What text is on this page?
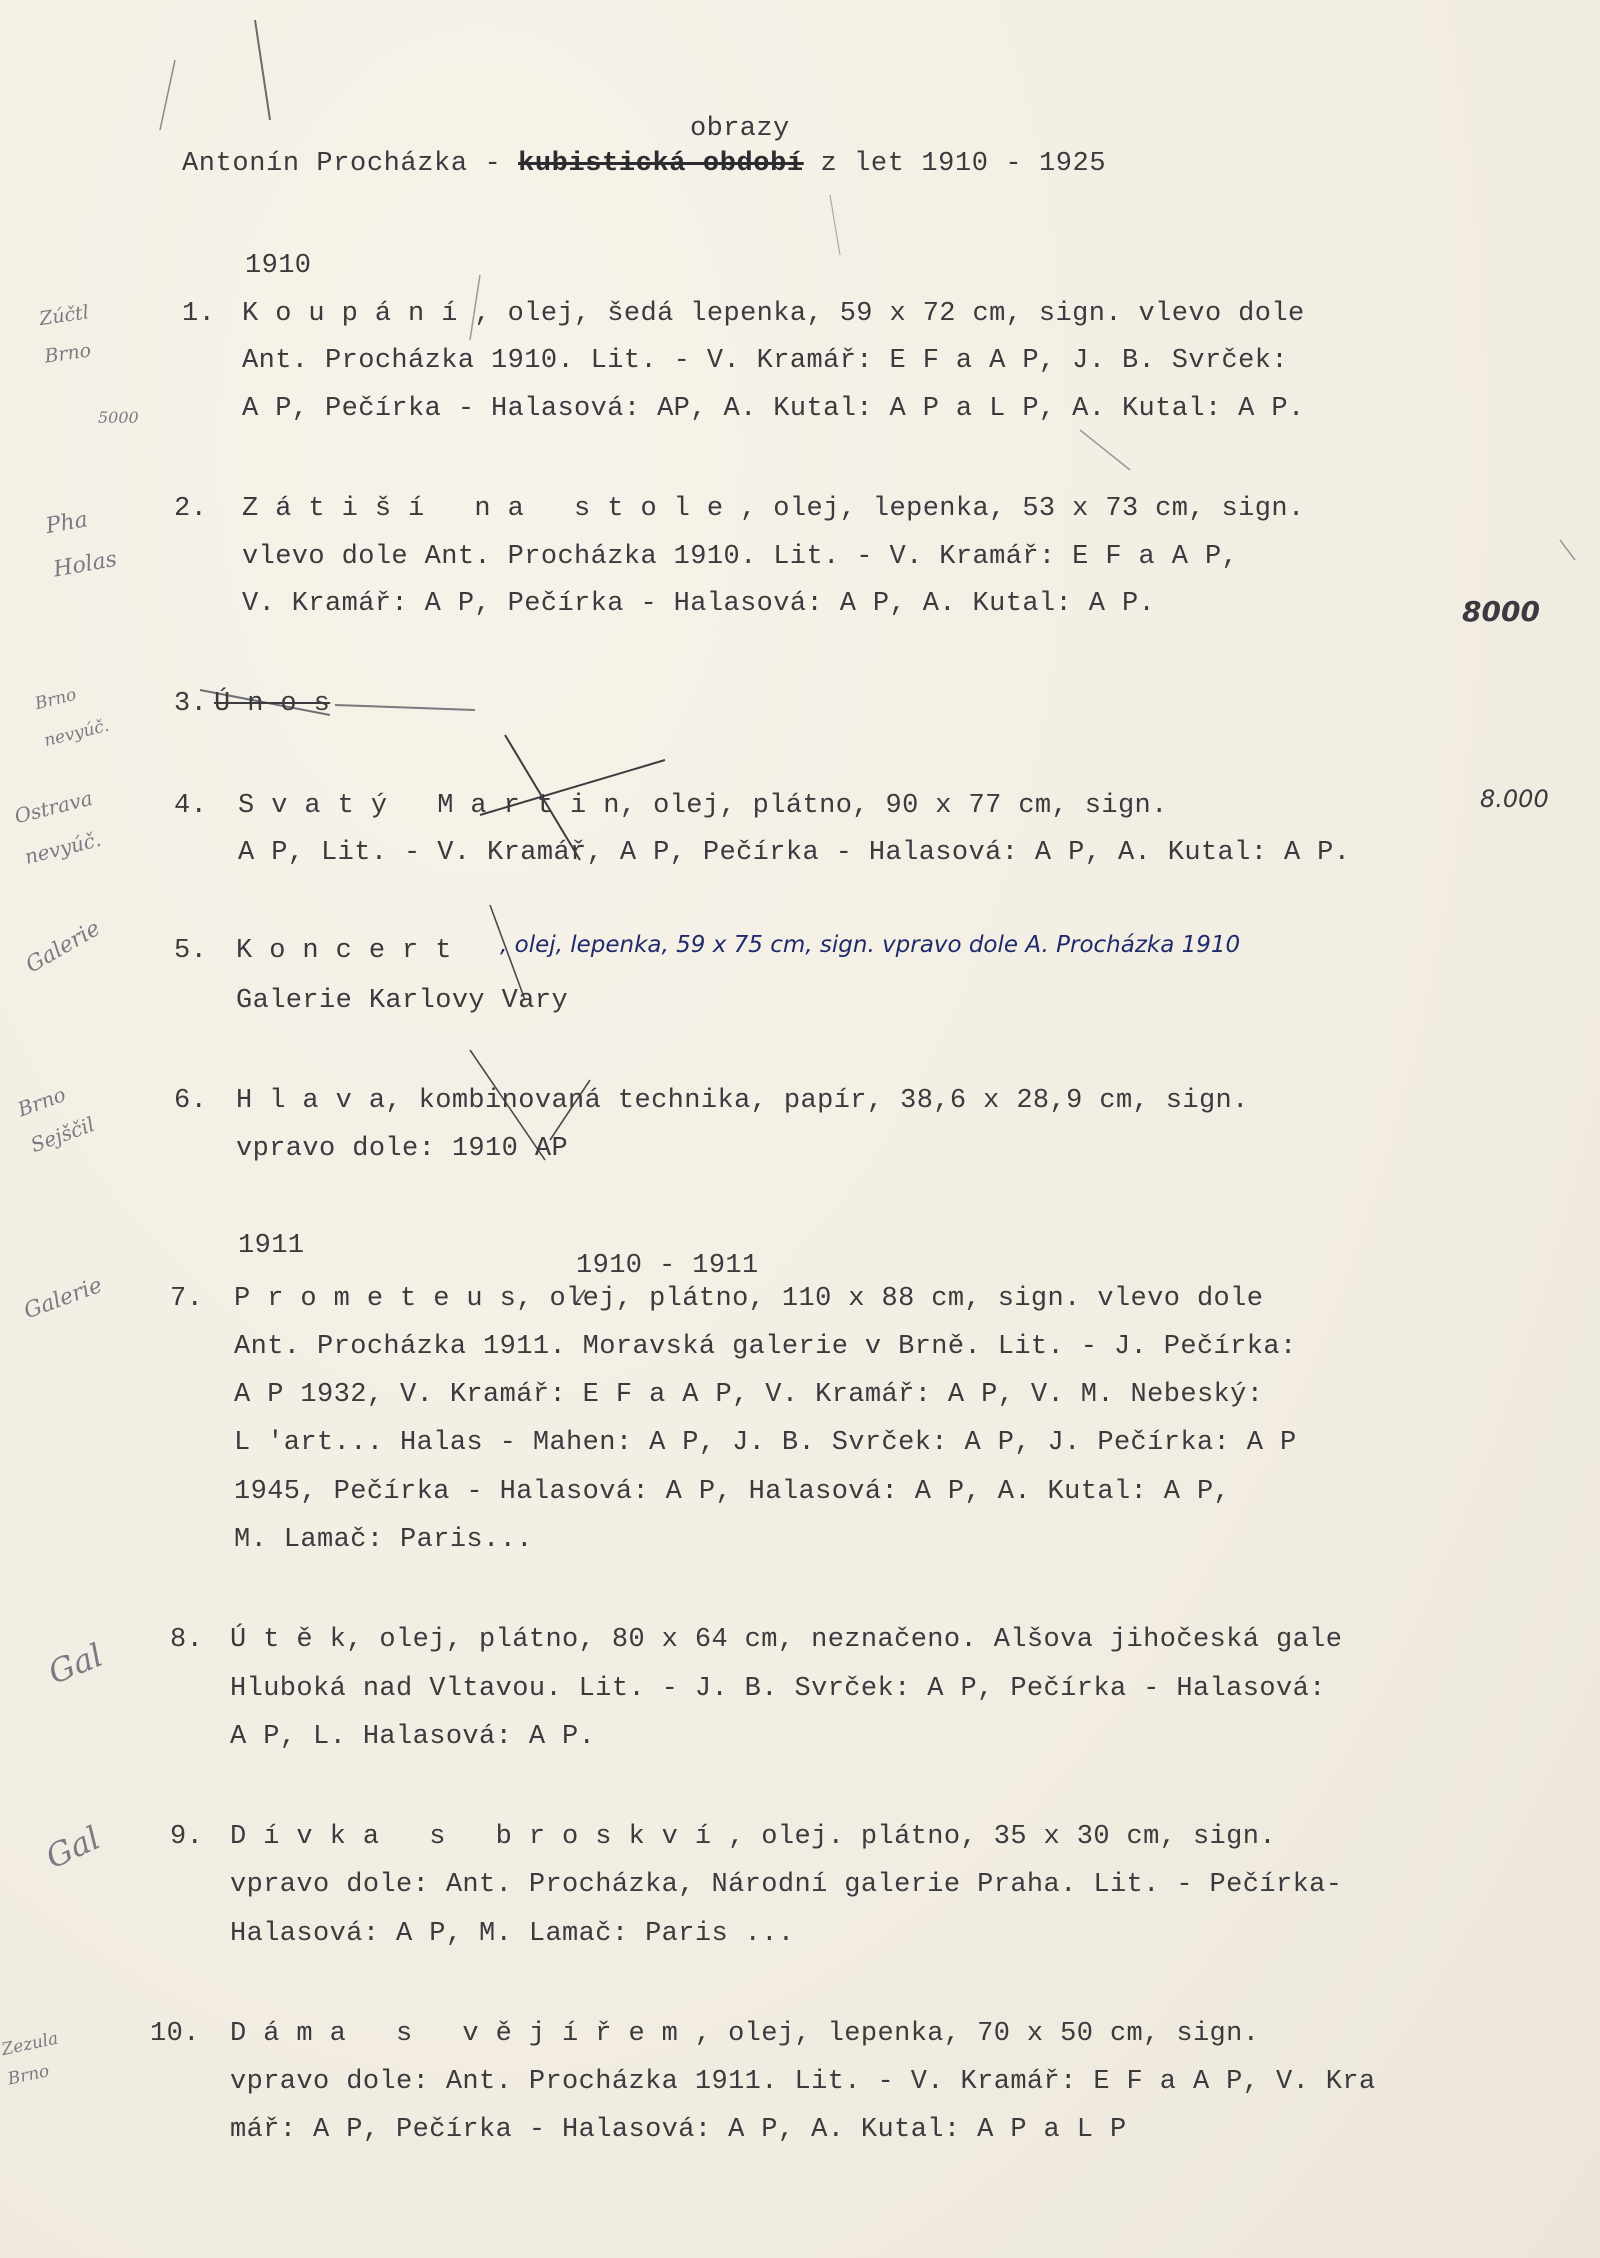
obrazy
Antonín Procházka - kubistická období z let 1910 - 1925
1910
1. K o u p á n í , olej, šedá lepenka, 59 x 72 cm, sign. vlevo dole
Ant. Procházka 1910. Lit. - V. Kramář: E F a A P, J. B. Svrček:
A P, Pečírka - Halasová: AP, A. Kutal: A P a L P, A. Kutal: A P.
2. Z á t i š í   n a   s t o l e , olej, lepenka, 53 x 73 cm, sign.
vlevo dole Ant. Procházka 1910. Lit. - V. Kramář: E F a A P,
V. Kramář: A P, Pečírka - Halasová: A P, A. Kutal: A P.
3. Ú n o s
4. S v a t ý   M a r t i n, olej, plátno, 90 x 77 cm, sign.
A P, Lit. - V. Kramář, A P, Pečírka - Halasová: A P, A. Kutal: A P.
5. K o n c e r t , olej, lepenka, 59 x 75 cm, sign. vpravo dole A. Procházka 1910
Galerie Karlovy Vary
6. H l a v a, kombinovaná technika, papír, 38,6 x 28,9 cm, sign.
vpravo dole: 1910 AP
1911
1910 - 1911
7. P r o m e t e u s, olej, plátno, 110 x 88 cm, sign. vlevo dole
Ant. Procházka 1911. Moravská galerie v Brně. Lit. - J. Pečírka:
A P 1932, V. Kramář: E F a A P, V. Kramář: A P, V. M. Nebeský:
L 'art... Halas - Mahen: A P, J. B. Svrček: A P, J. Pečírka: A P
1945, Pečírka - Halasová: A P, Halasová: A P, A. Kutal: A P,
M. Lamač: Paris...
8. Ú t ě k, olej, plátno, 80 x 64 cm, neznačeno. Alšova jihočeská gale
Hluboká nad Vltavou. Lit. - J. B. Svrček: A P, Pečírka - Halasová:
A P, L. Halasová: A P.
9. D í v k a   s   b r o s k v í , olej. plátno, 35 x 30 cm, sign.
vpravo dole: Ant. Procházka, Národní galerie Praha. Lit. - Pečírka-
Halasová: A P, M. Lamač: Paris ...
10. D á m a   s   v ě j í ř e m , olej, lepenka, 70 x 50 cm, sign.
vpravo dole: Ant. Procházka 1911. Lit. - V. Kramář: E F a A P, V. Kra
mář: A P, Pečírka - Halasová: A P, A. Kutal: A P a L P
Zúčtl
Brno
5000
Pha
Holas
Brno
nevyúč.
Ostrava
nevyúč.
Galerie
Brno
Sejščil
Galerie
Gal
Gal
Zezula
Brno
8000
8.000
